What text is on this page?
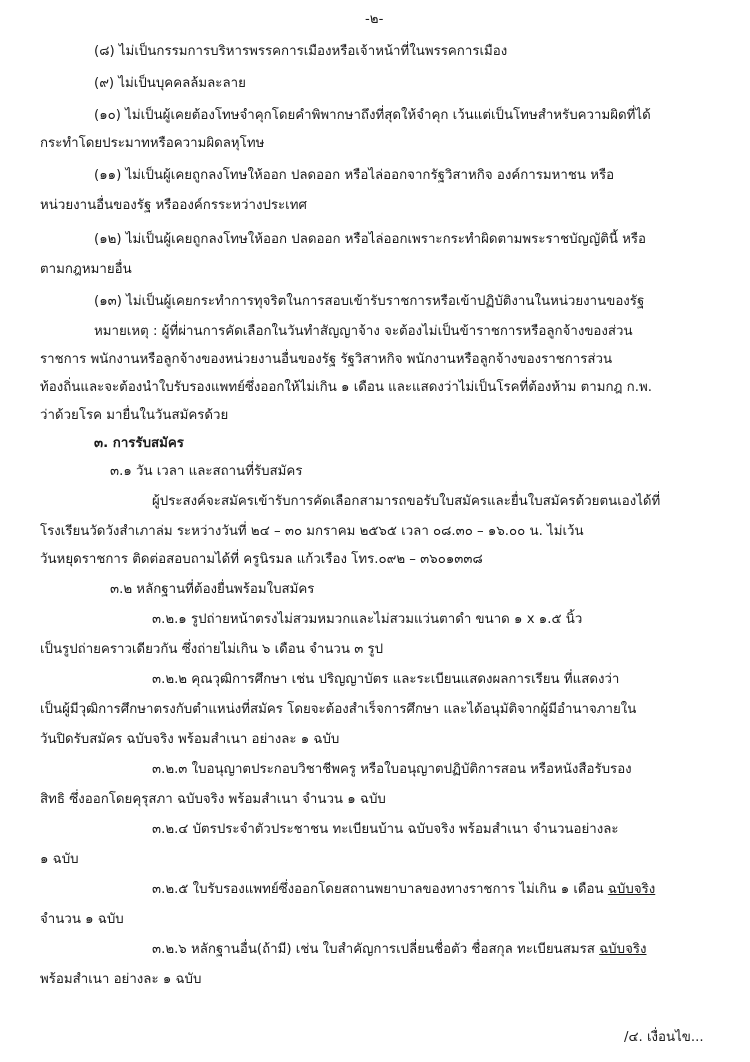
-๒-
(๘) ไม่เป็นกรรมการบริหารพรรคการเมืองหรือเจ้าหน้าที่ในพรรคการเมือง
(๙) ไม่เป็นบุคคลล้มละลาย
(๑๐) ไม่เป็นผู้เคยต้องโทษจำคุกโดยคำพิพากษาถึงที่สุดให้จำคุก เว้นแต่เป็นโทษสำหรับความผิดที่ได้
กระทำโดยประมาทหรือความผิดลหุโทษ
(๑๑) ไม่เป็นผู้เคยถูกลงโทษให้ออก ปลดออก หรือไล่ออกจากรัฐวิสาหกิจ องค์การมหาชน หรือ
หน่วยงานอื่นของรัฐ หรือองค์กรระหว่างประเทศ
(๑๒) ไม่เป็นผู้เคยถูกลงโทษให้ออก ปลดออก หรือไล่ออกเพราะกระทำผิดตามพระราชบัญญัตินี้ หรือ
ตามกฎหมายอื่น
(๑๓) ไม่เป็นผู้เคยกระทำการทุจริตในการสอบเข้ารับราชการหรือเข้าปฏิบัติงานในหน่วยงานของรัฐ
หมายเหตุ : ผู้ที่ผ่านการคัดเลือกในวันทำสัญญาจ้าง จะต้องไม่เป็นข้าราชการหรือลูกจ้างของส่วน
ราชการ พนักงานหรือลูกจ้างของหน่วยงานอื่นของรัฐ รัฐวิสาหกิจ พนักงานหรือลูกจ้างของราชการส่วน
ท้องถิ่นและจะต้องนำใบรับรองแพทย์ซึ่งออกให้ไม่เกิน ๑ เดือน และแสดงว่าไม่เป็นโรคที่ต้องห้าม ตามกฎ ก.พ.
ว่าด้วยโรค มายื่นในวันสมัครด้วย
๓. การรับสมัคร
๓.๑ วัน เวลา และสถานที่รับสมัคร
ผู้ประสงค์จะสมัครเข้ารับการคัดเลือกสามารถขอรับใบสมัครและยื่นใบสมัครด้วยตนเองได้ที่
โรงเรียนวัดวังสำเภาล่ม ระหว่างวันที่ ๒๔ – ๓๐ มกราคม ๒๕๖๕ เวลา ๐๘.๓๐ – ๑๖.๐๐ น. ไม่เว้น
วันหยุดราชการ ติดต่อสอบถามได้ที่ ครูนิรมล แก้วเรือง โทร.๐๙๒ – ๓๖๐๑๓๓๘
๓.๒ หลักฐานที่ต้องยื่นพร้อมใบสมัคร
๓.๒.๑ รูปถ่ายหน้าตรงไม่สวมหมวกและไม่สวมแว่นตาดำ ขนาด ๑ x ๑.๕ นิ้ว
เป็นรูปถ่ายคราวเดียวกัน ซึ่งถ่ายไม่เกิน ๖ เดือน จำนวน ๓ รูป
๓.๒.๒ คุณวุฒิการศึกษา เช่น ปริญญาบัตร และระเบียนแสดงผลการเรียน ที่แสดงว่า
เป็นผู้มีวุฒิการศึกษาตรงกับตำแหน่งที่สมัคร โดยจะต้องสำเร็จการศึกษา และได้อนุมัติจากผู้มีอำนาจภายใน
วันปิดรับสมัคร ฉบับจริง พร้อมสำเนา อย่างละ ๑ ฉบับ
๓.๒.๓ ใบอนุญาตประกอบวิชาชีพครู หรือใบอนุญาตปฏิบัติการสอน หรือหนังสือรับรอง
สิทธิ ซึ่งออกโดยคุรุสภา ฉบับจริง พร้อมสำเนา จำนวน ๑ ฉบับ
๓.๒.๔ บัตรประจำตัวประชาชน ทะเบียนบ้าน ฉบับจริง พร้อมสำเนา จำนวนอย่างละ
๑ ฉบับ
๓.๒.๕ ใบรับรองแพทย์ซึ่งออกโดยสถานพยาบาลของทางราชการ ไม่เกิน ๑ เดือน ฉบับจริง
จำนวน ๑ ฉบับ
๓.๒.๖ หลักฐานอื่น(ถ้ามี) เช่น ใบสำคัญการเปลี่ยนชื่อตัว ชื่อสกุล ทะเบียนสมรส ฉบับจริง
พร้อมสำเนา อย่างละ ๑ ฉบับ
/๔. เงื่อนไข...
